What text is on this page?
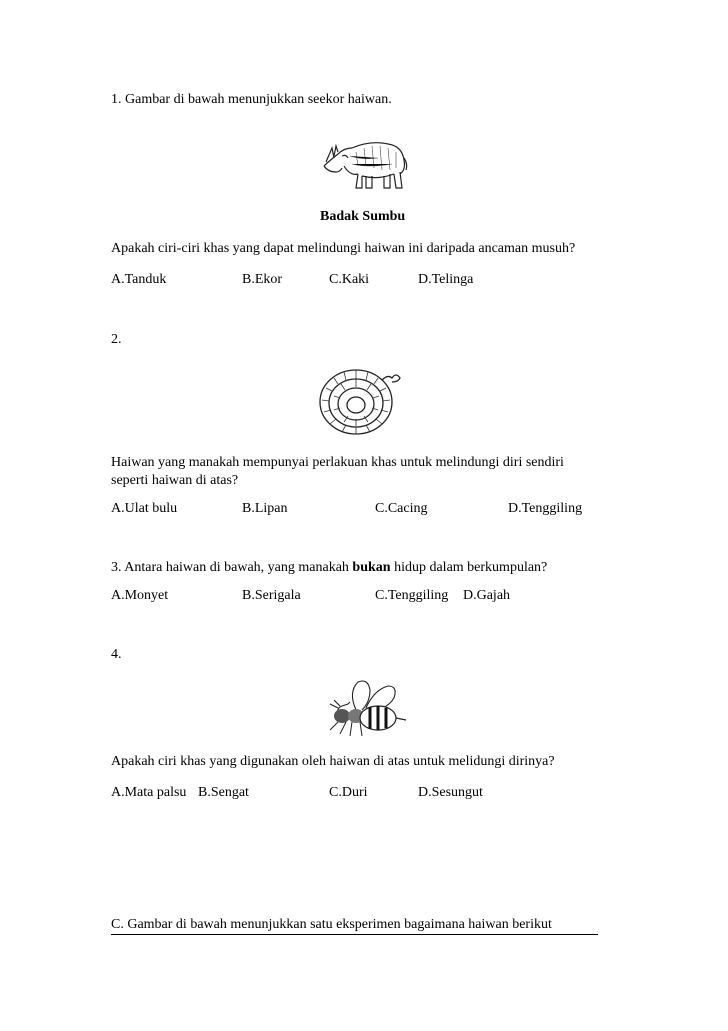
1. Gambar di bawah menunjukkan seekor haiwan.
Badak Sumbu
Apakah ciri-ciri khas yang dapat melindungi haiwan ini daripada ancaman musuh?
A.Tanduk	B.Ekor	C.Kaki	D.Telinga
2.
Haiwan yang manakah mempunyai perlakuan khas untuk melindungi diri sendiri
seperti haiwan di atas?
A.Ulat bulu	B.Lipan	C.Cacing	D.Tenggiling
3. Antara haiwan di bawah, yang manakah bukan hidup dalam berkumpulan?
A.Monyet	B.Serigala	C.Tenggiling D.Gajah
4.
Apakah ciri khas yang digunakan oleh haiwan di atas untuk melidungi dirinya?
A.Mata palsu B.Sengat	C.Duri	D.Sesungut
C. Gambar di bawah menunjukkan satu eksperimen bagaimana haiwan berikut
